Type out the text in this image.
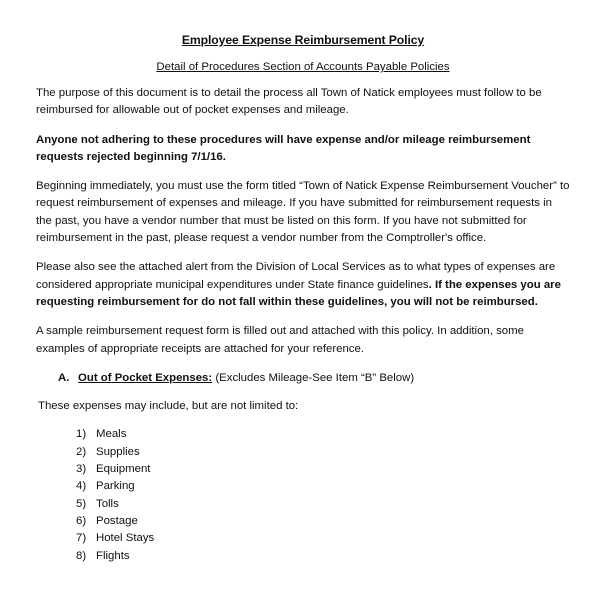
Employee Expense Reimbursement Policy
Detail of Procedures Section of Accounts Payable Policies

The purpose of this document is to detail the process all Town of Natick employees must follow to be reimbursed for allowable out of pocket expenses and mileage.

Anyone not adhering to these procedures will have expense and/or mileage reimbursement requests rejected beginning 7/1/16.

Beginning immediately, you must use the form titled “Town of Natick Expense Reimbursement Voucher” to request reimbursement of expenses and mileage. If you have submitted for reimbursement requests in the past, you have a vendor number that must be listed on this form. If you have not submitted for reimbursement in the past, please request a vendor number from the Comptroller's office.

Please also see the attached alert from the Division of Local Services as to what types of expenses are considered appropriate municipal expenditures under State finance guidelines. If the expenses you are requesting reimbursement for do not fall within these guidelines, you will not be reimbursed.

A sample reimbursement request form is filled out and attached with this policy. In addition, some examples of appropriate receipts are attached for your reference.

A. Out of Pocket Expenses: (Excludes Mileage-See Item “B” Below)

These expenses may include, but are not limited to:

1) Meals
2) Supplies
3) Equipment
4) Parking
5) Tolls
6) Postage
7) Hotel Stays
8) Flights
